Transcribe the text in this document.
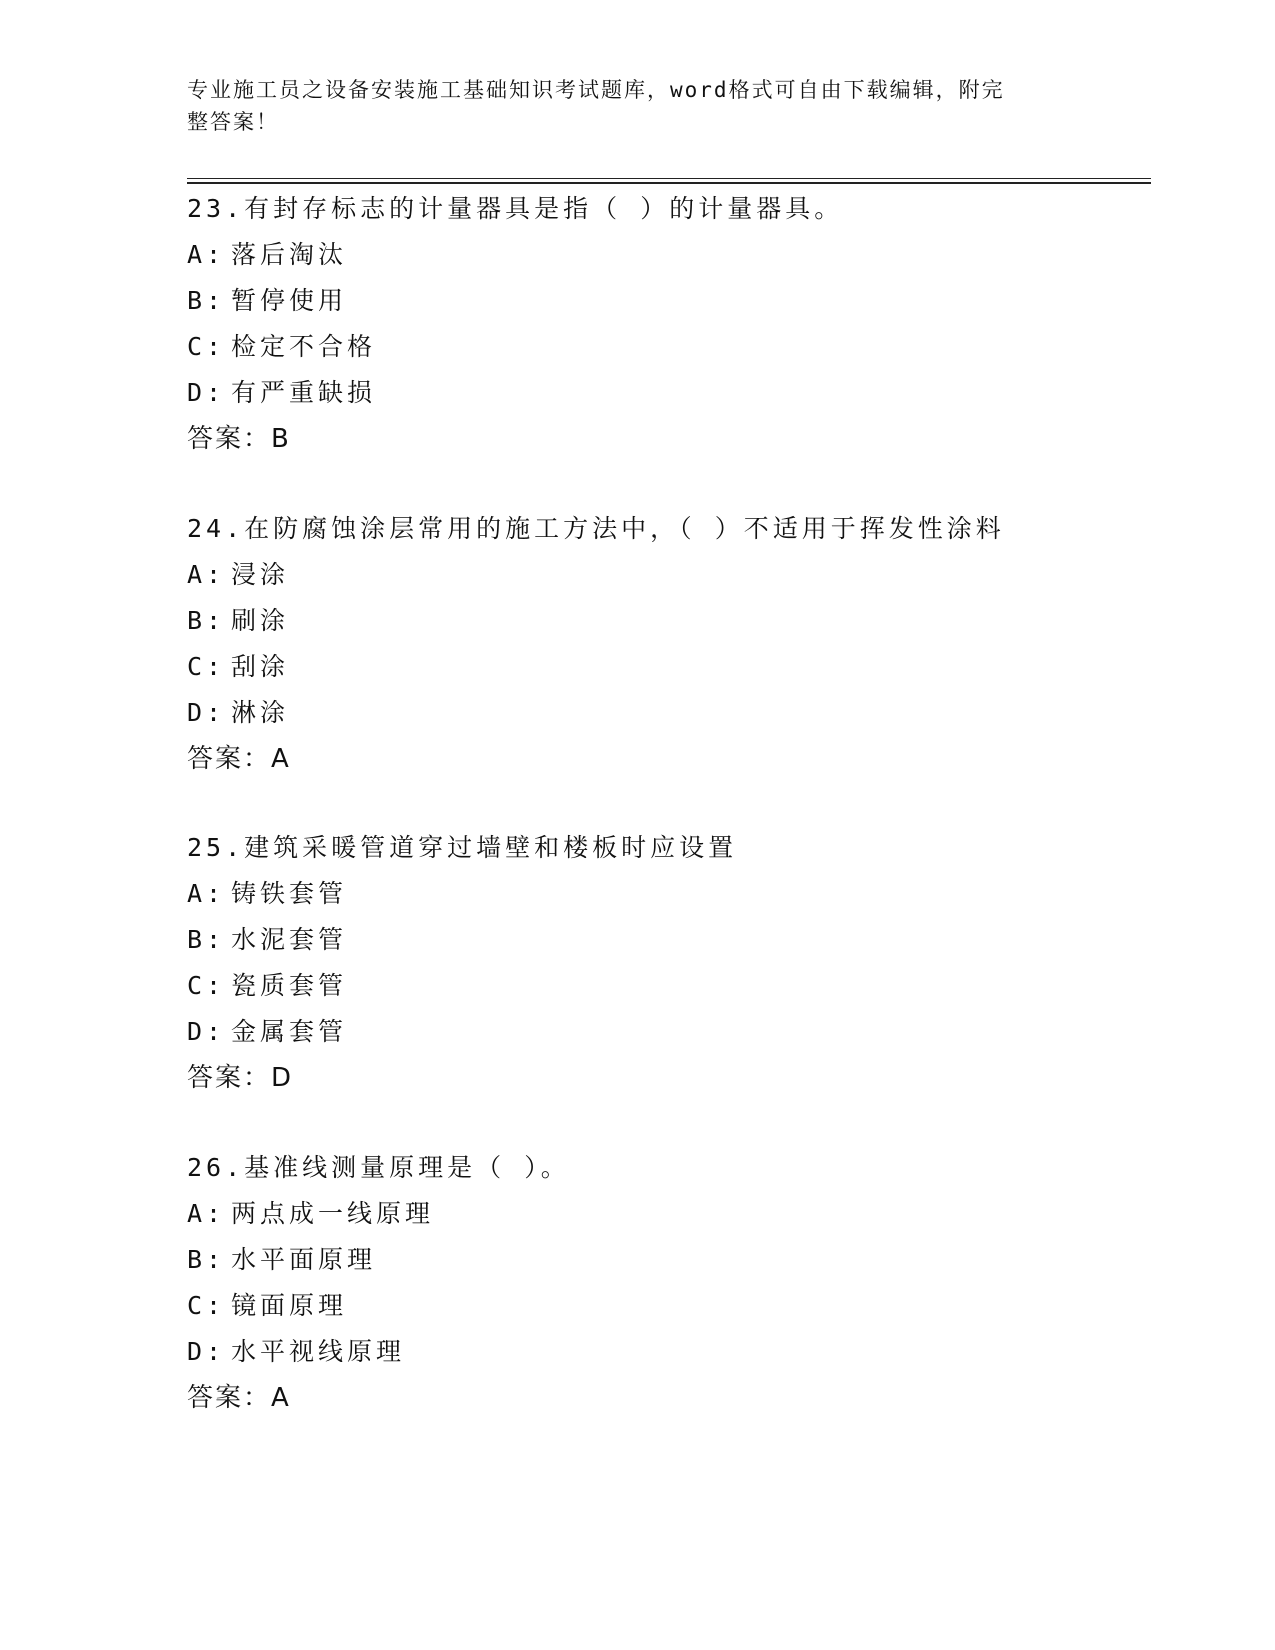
专业施工员之设备安装施工基础知识考试题库，word格式可自由下载编辑，附完
整答案！
23.有封存标志的计量器具是指（ ）的计量器具。
A: 落后淘汰
B: 暂停使用
C: 检定不合格
D: 有严重缺损
答案：B
24.在防腐蚀涂层常用的施工方法中，（ ）不适用于挥发性涂料
A: 浸涂
B: 刷涂
C: 刮涂
D: 淋涂
答案：A
25.建筑采暖管道穿过墙壁和楼板时应设置
A: 铸铁套管
B: 水泥套管
C: 瓷质套管
D: 金属套管
答案：D
26.基准线测量原理是（ ）。
A: 两点成一线原理
B: 水平面原理
C: 镜面原理
D: 水平视线原理
答案：A
